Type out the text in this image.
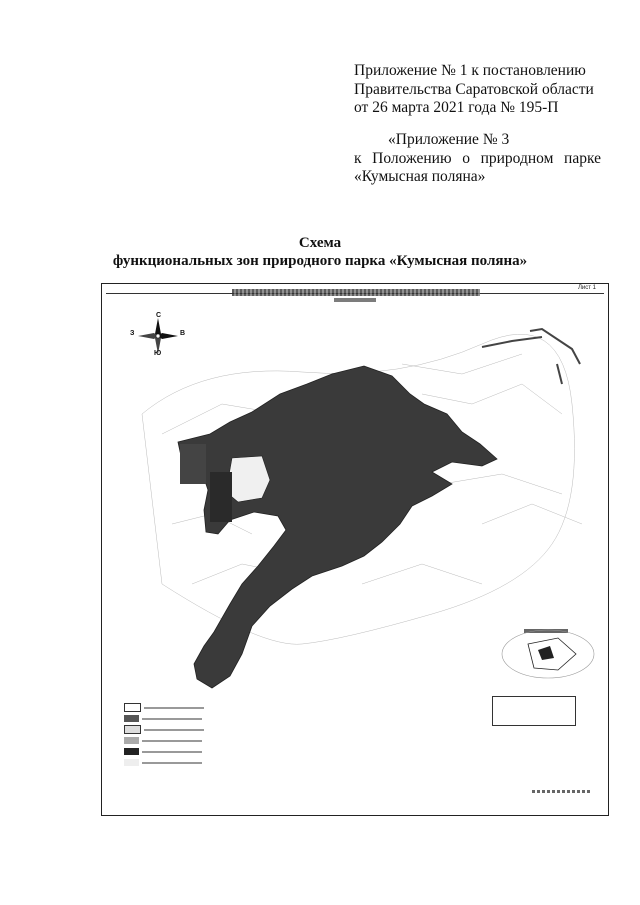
Приложение № 1 к постановлению
Правительства Саратовской области
от 26 марта 2021 года № 195-П
«Приложение № 3
к Положению о природном парке
«Кумысная поляна»
Схема
функциональных зон природного парка «Кумысная поляна»
Лист 1
С
Ю
З	В
